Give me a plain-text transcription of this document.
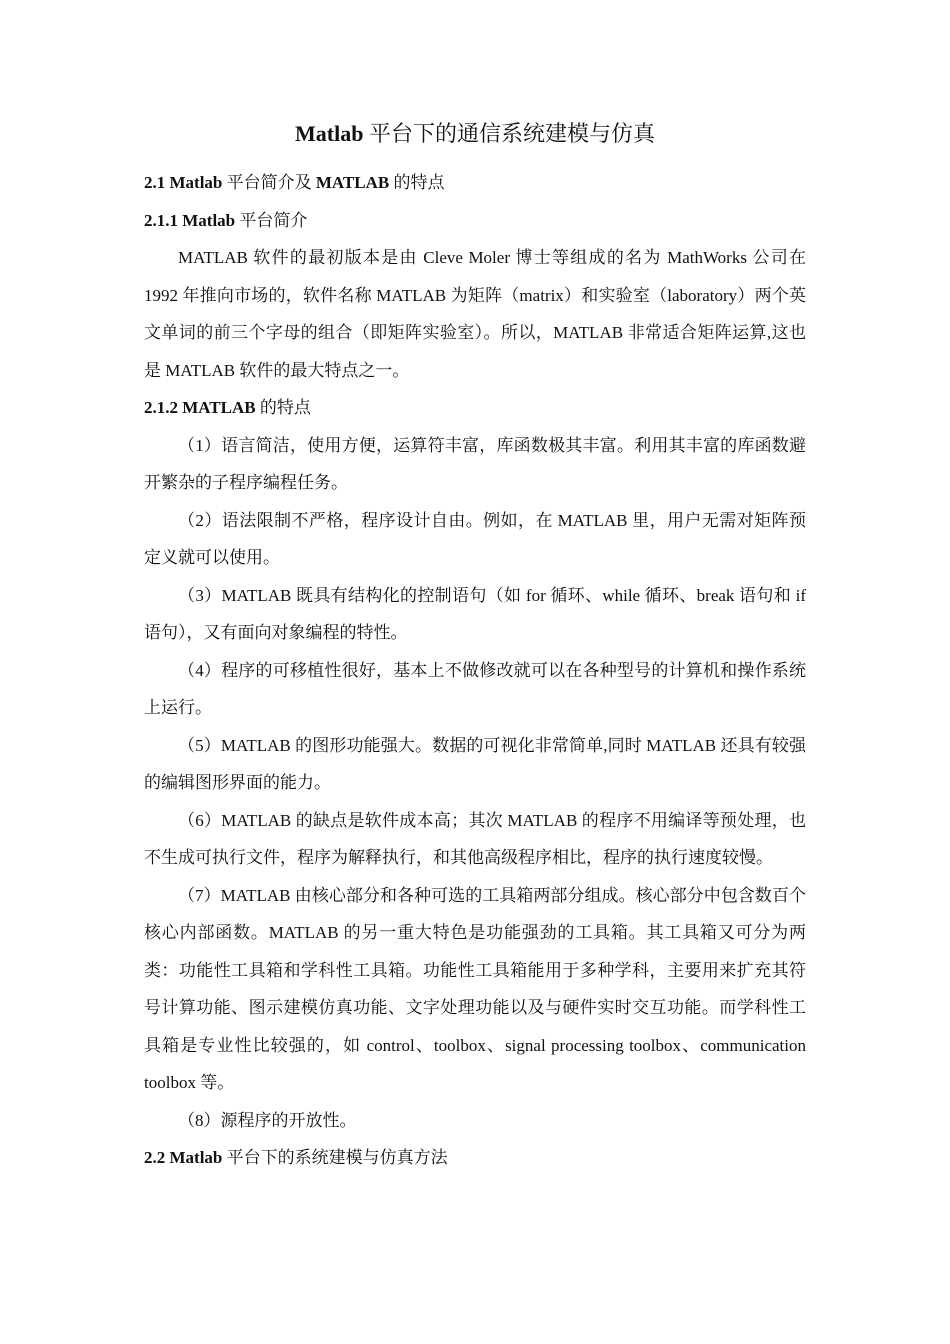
Matlab 平台下的通信系统建模与仿真
2.1 Matlab 平台简介及 MATLAB 的特点
2.1.1 Matlab 平台简介

MATLAB 软件的最初版本是由 Cleve Moler 博士等组成的名为 MathWorks 公司在 1992 年推向市场的，软件名称 MATLAB 为矩阵（matrix）和实验室（laboratory）两个英文单词的前三个字母的组合（即矩阵实验室）。所以，MATLAB 非常适合矩阵运算,这也是 MATLAB 软件的最大特点之一。

2.1.2 MATLAB 的特点

（1）语言简洁，使用方便，运算符丰富，库函数极其丰富。利用其丰富的库函数避开繁杂的子程序编程任务。

（2）语法限制不严格，程序设计自由。例如，在 MATLAB 里，用户无需对矩阵预定义就可以使用。

（3）MATLAB 既具有结构化的控制语句（如 for 循环、while 循环、break 语句和 if 语句），又有面向对象编程的特性。

（4）程序的可移植性很好，基本上不做修改就可以在各种型号的计算机和操作系统上运行。

（5）MATLAB 的图形功能强大。数据的可视化非常简单,同时 MATLAB 还具有较强的编辑图形界面的能力。

（6）MATLAB 的缺点是软件成本高；其次 MATLAB 的程序不用编译等预处理，也不生成可执行文件，程序为解释执行，和其他高级程序相比，程序的执行速度较慢。

（7）MATLAB 由核心部分和各种可选的工具箱两部分组成。核心部分中包含数百个核心内部函数。MATLAB 的另一重大特色是功能强劲的工具箱。其工具箱又可分为两类：功能性工具箱和学科性工具箱。功能性工具箱能用于多种学科，主要用来扩充其符号计算功能、图示建模仿真功能、文字处理功能以及与硬件实时交互功能。而学科性工具箱是专业性比较强的，如 control、toolbox、signal processing toolbox、communication toolbox 等。

（8）源程序的开放性。

2.2 Matlab 平台下的系统建模与仿真方法
